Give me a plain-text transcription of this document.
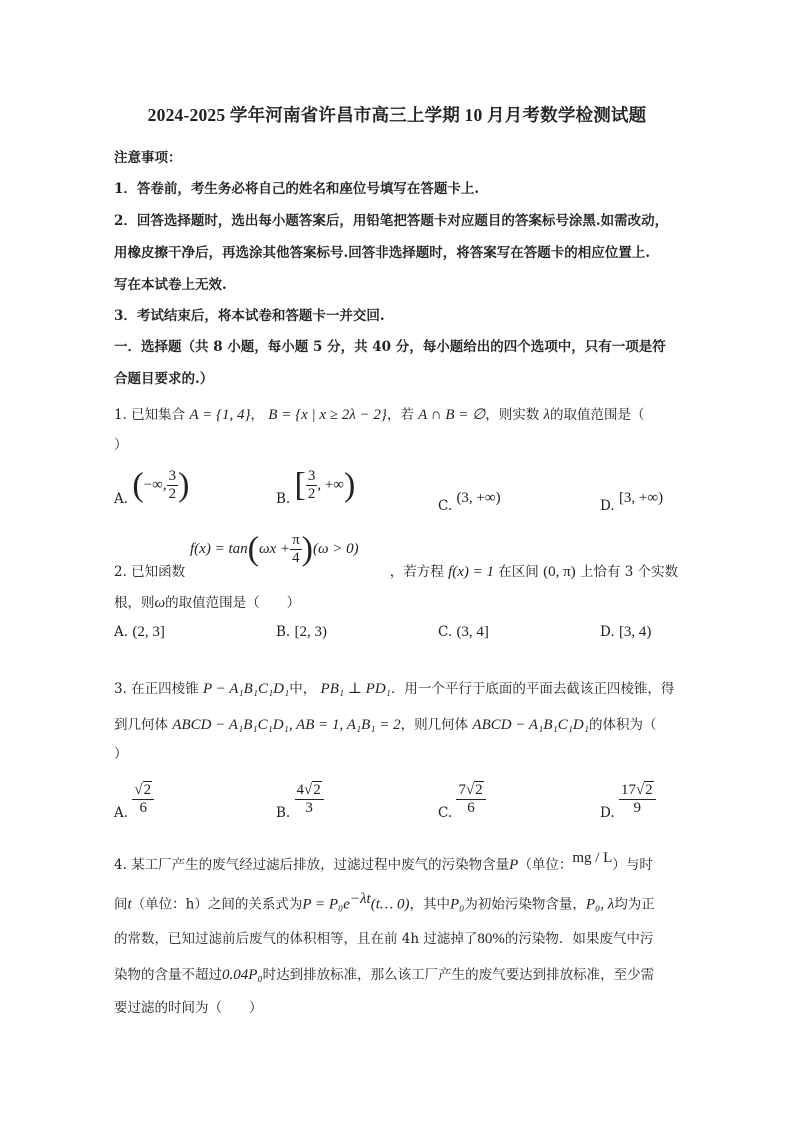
2024-2025 学年河南省许昌市高三上学期 10 月月考数学检测试题
注意事项：
1．答卷前，考生务必将自己的姓名和座位号填写在答题卡上.
2．回答选择题时，选出每小题答案后，用铅笔把答题卡对应题目的答案标号涂黑.如需改动，
用橡皮擦干净后，再选涂其他答案标号.回答非选择题时，将答案写在答题卡的相应位置上.
写在本试卷上无效.
3．考试结束后，将本试卷和答题卡一并交回.
一．选择题（共 8 小题，每小题 5 分，共 40 分，每小题给出的四个选项中，只有一项是符
合题目要求的.）
1. 已知集合 A = {1, 4}， B = {x | x ≥ 2λ − 2}，若 A ∩ B = ∅，则实数 λ的取值范围是（
）
A. (−∞, $\frac{3}{2}$ )	B. [ $\frac{3}{2}$ , +∞)
C. (3, +∞)	D. [3, +∞)
$f(x) = \tan(\omega x + \frac{\pi}{4} )(\omega > 0)$
2. 已知函数	，若方程 f(x) = 1 在区间 (0, π) 上恰有 3 个实数
根，则ω的取值范围是（　　）
A. (2, 3]	B. [2, 3)	C. (3, 4]	D. [3, 4)
3. 在正四棱锥 P − A₁B₁C₁D₁中， PB₁ ⊥ PD₁．用一个平行于底面的平面去截该正四棱锥，得
到几何体 ABCD − A₁B₁C₁D₁, AB = 1, A₁B₁ = 2，则几何体 ABCD − A₁B₁C₁D₁的体积为（
）
A. $\frac{√2}{6}$	B. $\frac{4√2}{3}$	C. $\frac{7√2}{6}$	D. $\frac{17√2}{9}$
4. 某工厂产生的废气经过滤后排放，过滤过程中废气的污染物含量P（单位：mg / L）与时
间t（单位：h）之间的关系式为$P = P_0e^{-\lambda t}(t\dots$ 0)，其中P₀为初始污染物含量，P₀, λ均为正
的常数，已知过滤前后废气的体积相等，且在前 4h 过滤掉了80%的污染物．如果废气中污
染物的含量不超过0.04P₀时达到排放标准，那么该工厂产生的废气要达到排放标准，至少需
要过滤的时间为（　　）
